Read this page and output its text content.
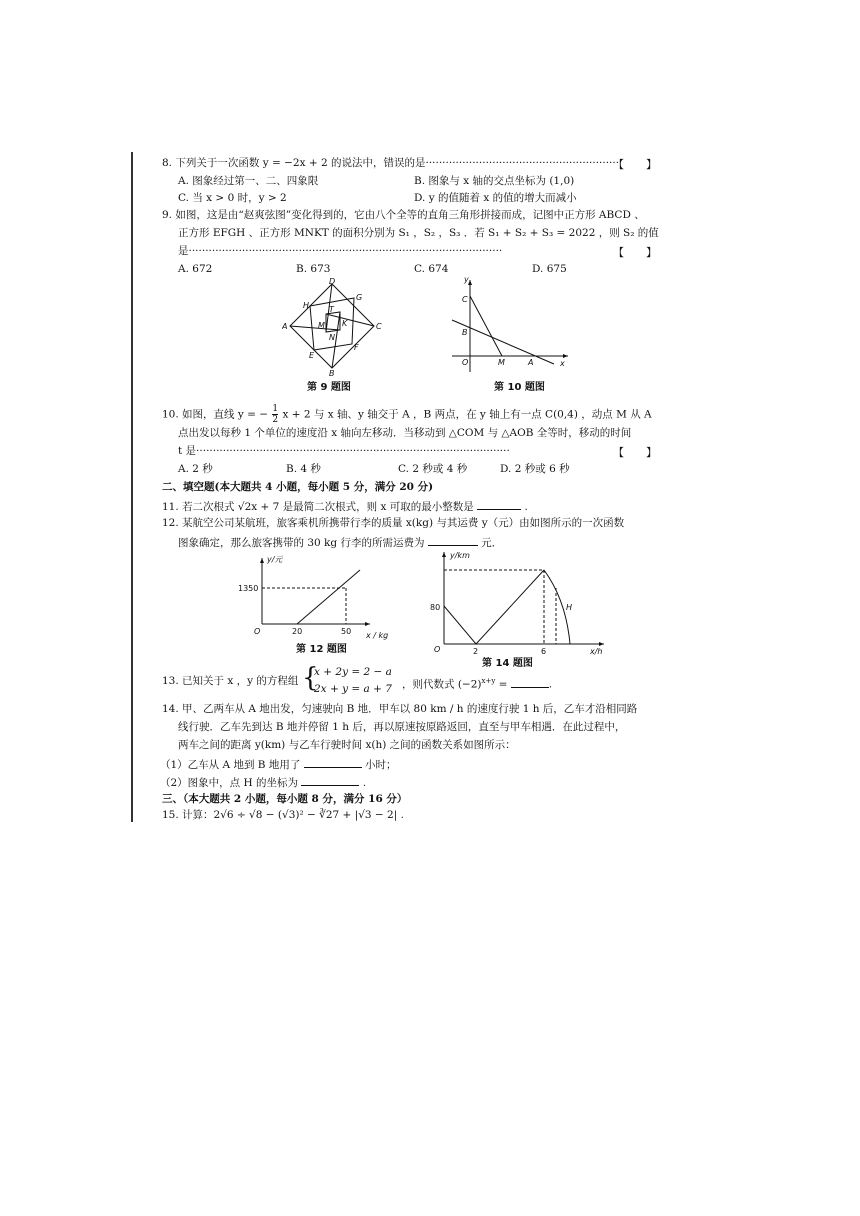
8. 下列关于一次函数 y = −2x + 2 的说法中，错误的是··························································
【　　】
A. 图象经过第一、二、四象限	B. 图象与 x 轴的交点坐标为 (1,0)
C. 当 x > 0 时，y > 2	D. y 的值随着 x 的值的增大而减小
9. 如图，这是由“赵爽弦图”变化得到的，它由八个全等的直角三角形拼接而成，记图中正方形 ABCD 、
正方形 EFGH 、正方形 MNKT 的面积分别为 S₁ ，S₂ ，S₃ ．若 S₁ + S₂ + S₃ = 2022 ，则 S₂ 的值
是······························································································	【　　】
A. 672	B. 673	C. 674	D. 675
D
C
B
A
H
G
F
E
M
N
K
T
第 9 题图
y
x
C
B
O	M	A
第 10 题图
10. 如图，直线 y = − $\frac{1}{2}$ x + 2 与 x 轴、y 轴交于 A ，B 两点，在 y 轴上有一点 C(0,4) ，动点 M 从 A
点出发以每秒 1 个单位的速度沿 x 轴向左移动．当移动到 △COM 与 △AOB 全等时，移动的时间
t 是······························································································	【　　】
A. 2 秒	B. 4 秒	C. 2 秒或 4 秒	D. 2 秒或 6 秒
二、填空题(本大题共 4 小题，每小题 5 分，满分 20 分)
11. 若二次根式 √2x + 7 是最简二次根式，则 x 可取的最小整数是	.
12. 某航空公司某航班，旅客乘机所携带行李的质量 x(kg) 与其运费 y（元）由如图所示的一次函数
图象确定，那么旅客携带的 30 kg 行李的所需运费为	元．
y/元
x / kg
O
1350
20	50
第 12 题图
y/km
x/h
O
80
2	6
H
第 14 题图
13. 已知关于 x ，y 的方程组 {
x + 2y = 2 − a
2x + y = a + 7 ，则代数式 $(-2)^{x+y}$ =	.
14. 甲、乙两车从 A 地出发，匀速驶向 B 地．甲车以 80 km / h 的速度行驶 1 h 后，乙车才沿相同路
线行驶．乙车先到达 B 地并停留 1 h 后，再以原速按原路返回，直至与甲车相遇．在此过程中，
两车之间的距离 y(km) 与乙车行驶时间 x(h) 之间的函数关系如图所示：
（1）乙车从 A 地到 B 地用了	小时；
（2）图象中，点 H 的坐标为	.
三、（本大题共 2 小题，每小题 8 分，满分 16 分）
15. 计算：2√6 ÷ √8 − (√3)² − ∛27 + |√3 − 2| .
